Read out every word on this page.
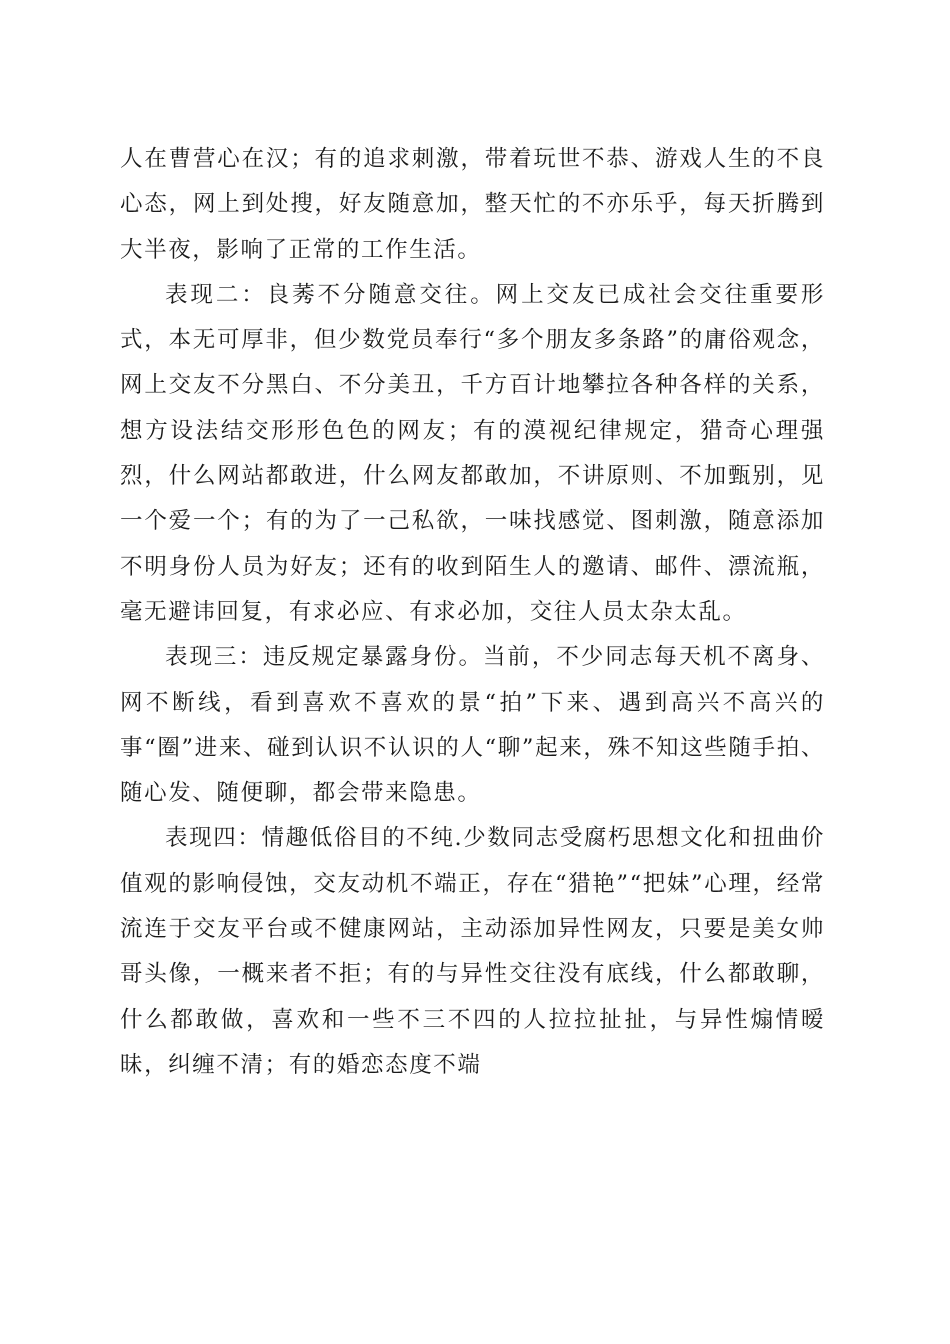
人在曹营心在汉；有的追求刺激，带着玩世不恭、游戏人生的不良心态，网上到处搜，好友随意加，整天忙的不亦乐乎，每天折腾到大半夜，影响了正常的工作生活。

表现二：良莠不分随意交往。网上交友已成社会交往重要形式，本无可厚非，但少数党员奉行“多个朋友多条路”的庸俗观念，网上交友不分黑白、不分美丑，千方百计地攀拉各种各样的关系，想方设法结交形形色色的网友；有的漠视纪律规定，猎奇心理强烈，什么网站都敢进，什么网友都敢加，不讲原则、不加甄别，见一个爱一个；有的为了一己私欲，一味找感觉、图刺激，随意添加不明身份人员为好友；还有的收到陌生人的邀请、邮件、漂流瓶，毫无避讳回复，有求必应、有求必加，交往人员太杂太乱。

表现三：违反规定暴露身份。当前，不少同志每天机不离身、网不断线，看到喜欢不喜欢的景“拍”下来、遇到高兴不高兴的事“圈”进来、碰到认识不认识的人“聊”起来，殊不知这些随手拍、随心发、随便聊，都会带来隐患。

表现四：情趣低俗目的不纯.少数同志受腐朽思想文化和扭曲价值观的影响侵蚀，交友动机不端正，存在“猎艳”“把妹”心理，经常流连于交友平台或不健康网站，主动添加异性网友，只要是美女帅哥头像，一概来者不拒；有的与异性交往没有底线，什么都敢聊，什么都敢做，喜欢和一些不三不四的人拉拉扯扯，与异性煽情暧昧，纠缠不清；有的婚恋态度不端
